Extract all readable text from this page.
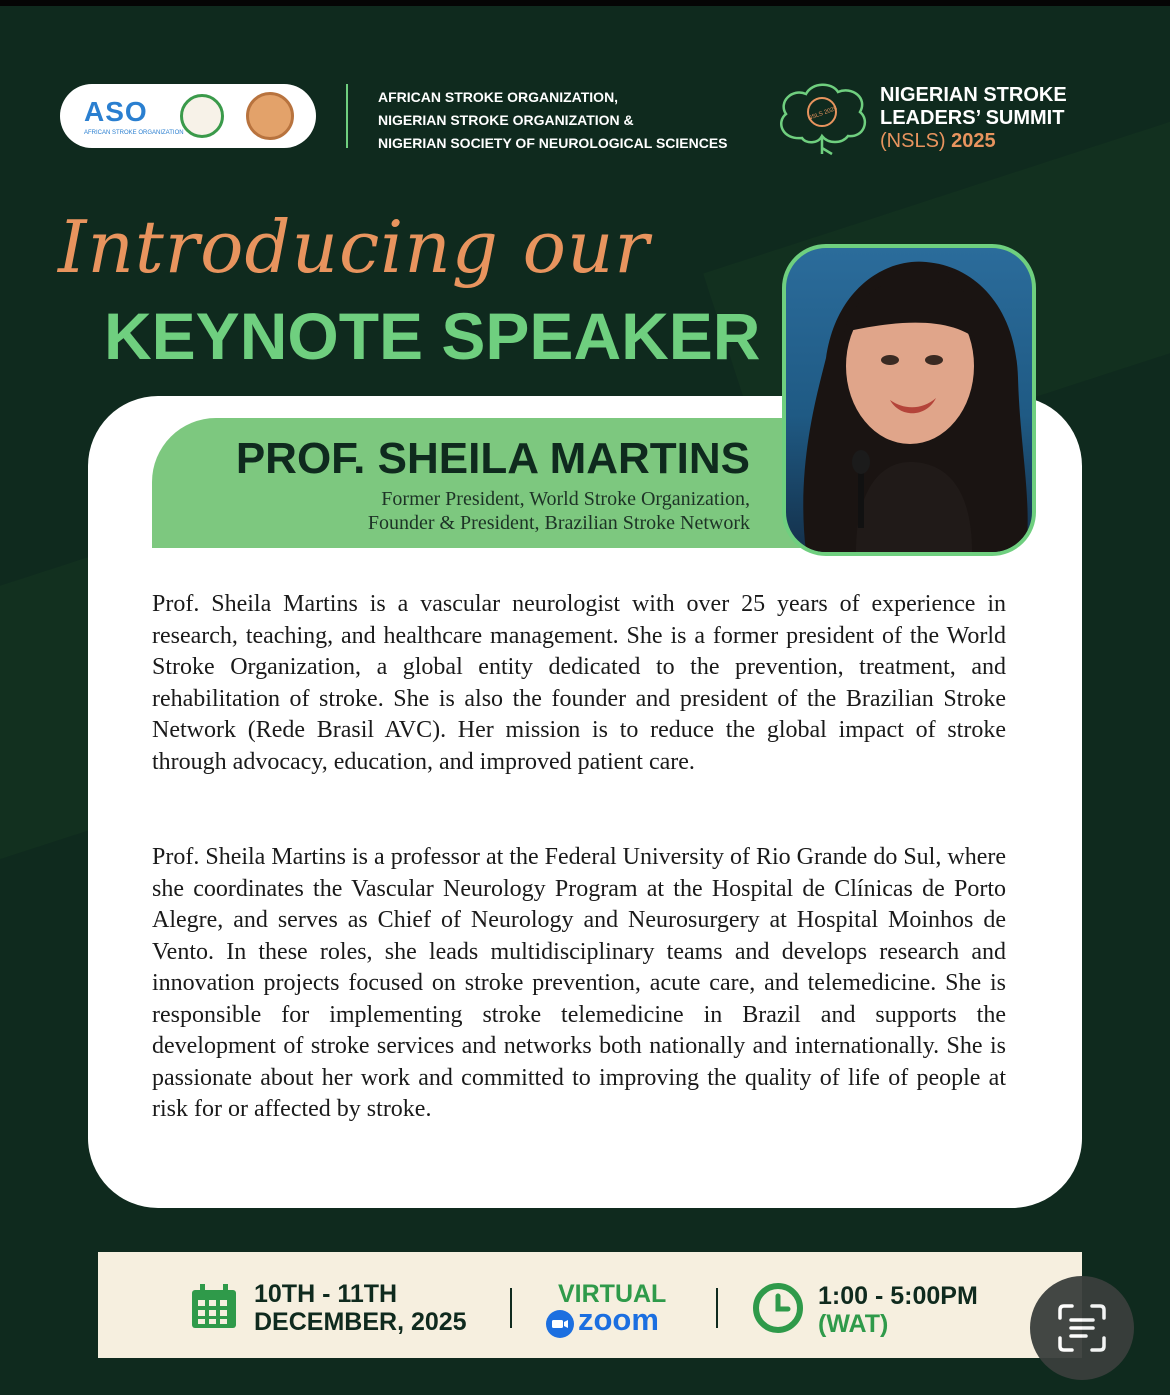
ASO
AFRICAN STROKE ORGANIZATION
AFRICAN STROKE ORGANIZATION,
NIGERIAN STROKE ORGANIZATION &
NIGERIAN SOCIETY OF NEUROLOGICAL SCIENCES
NSLS 2025
NIGERIAN STROKE
LEADERS’ SUMMIT
(NSLS) 2025
Introducing our
KEYNOTE SPEAKER
PROF. SHEILA MARTINS
Former President, World Stroke Organization,
Founder & President, Brazilian Stroke Network

Prof. Sheila Martins is a vascular neurologist with over 25 years of experience in research, teaching, and healthcare management. She is a former president of the World Stroke Organization, a global entity dedicated to the prevention, treatment, and rehabilitation of stroke. She is also the founder and president of the Brazilian Stroke Network (Rede Brasil AVC). Her mission is to reduce the global impact of stroke through advocacy, education, and improved patient care.

Prof. Sheila Martins is a professor at the Federal University of Rio Grande do Sul, where she coordinates the Vascular Neurology Program at the Hospital de Clínicas de Porto Alegre, and serves as Chief of Neurology and Neurosurgery at Hospital Moinhos de Vento. In these roles, she leads multidisciplinary teams and develops research and innovation projects focused on stroke prevention, acute care, and telemedicine. She is responsible for implementing stroke telemedicine in Brazil and supports the development of stroke services and networks both nationally and internationally. She is passionate about her work and committed to improving the quality of life of people at risk for or affected by stroke.

10TH - 11TH
DECEMBER, 2025
VIRTUAL
zoom
1:00 - 5:00PM
(WAT)
